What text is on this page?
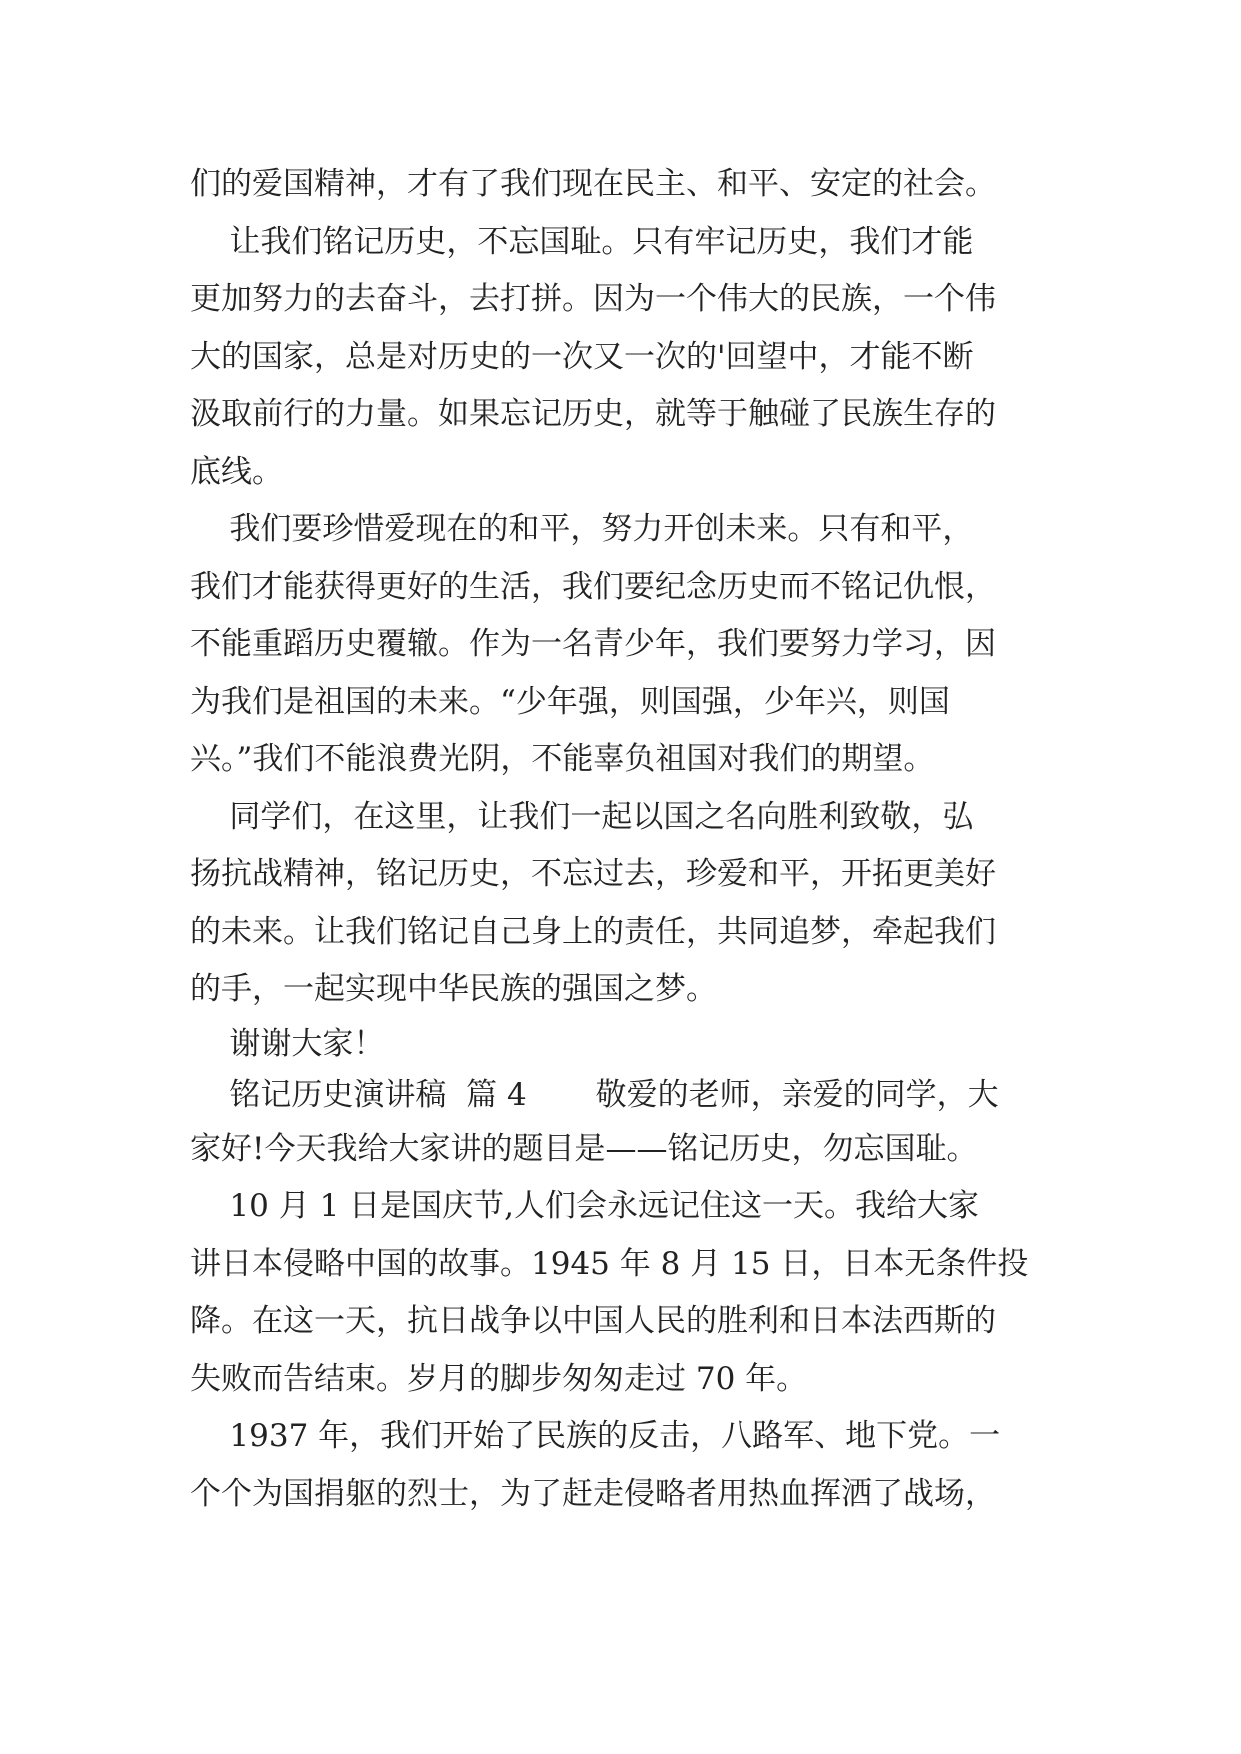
们的爱国精神，才有了我们现在民主、和平、安定的社会。
让我们铭记历史，不忘国耻。只有牢记历史，我们才能
更加努力的去奋斗，去打拼。因为一个伟大的民族，一个伟
大的国家，总是对历史的一次又一次的'回望中，才能不断
汲取前行的力量。如果忘记历史，就等于触碰了民族生存的
底线。
我们要珍惜爱现在的和平，努力开创未来。只有和平，
我们才能获得更好的生活，我们要纪念历史而不铭记仇恨，
不能重蹈历史覆辙。作为一名青少年，我们要努力学习，因
为我们是祖国的未来。“少年强，则国强，少年兴，则国
兴。”我们不能浪费光阴，不能辜负祖国对我们的期望。
同学们，在这里，让我们一起以国之名向胜利致敬，弘
扬抗战精神，铭记历史，不忘过去，珍爱和平，开拓更美好
的未来。让我们铭记自己身上的责任，共同追梦，牵起我们
的手，一起实现中华民族的强国之梦。
谢谢大家！
铭记历史演讲稿  篇 4       敬爱的老师，亲爱的同学，大
家好!今天我给大家讲的题目是——铭记历史，勿忘国耻。
10 月 1 日是国庆节,人们会永远记住这一天。我给大家
讲日本侵略中国的故事。1945 年 8 月 15 日，日本无条件投
降。在这一天，抗日战争以中国人民的胜利和日本法西斯的
失败而告结束。岁月的脚步匆匆走过 70 年。
1937 年，我们开始了民族的反击，八路军、地下党。一
个个为国捐躯的烈士，为了赶走侵略者用热血挥洒了战场，
